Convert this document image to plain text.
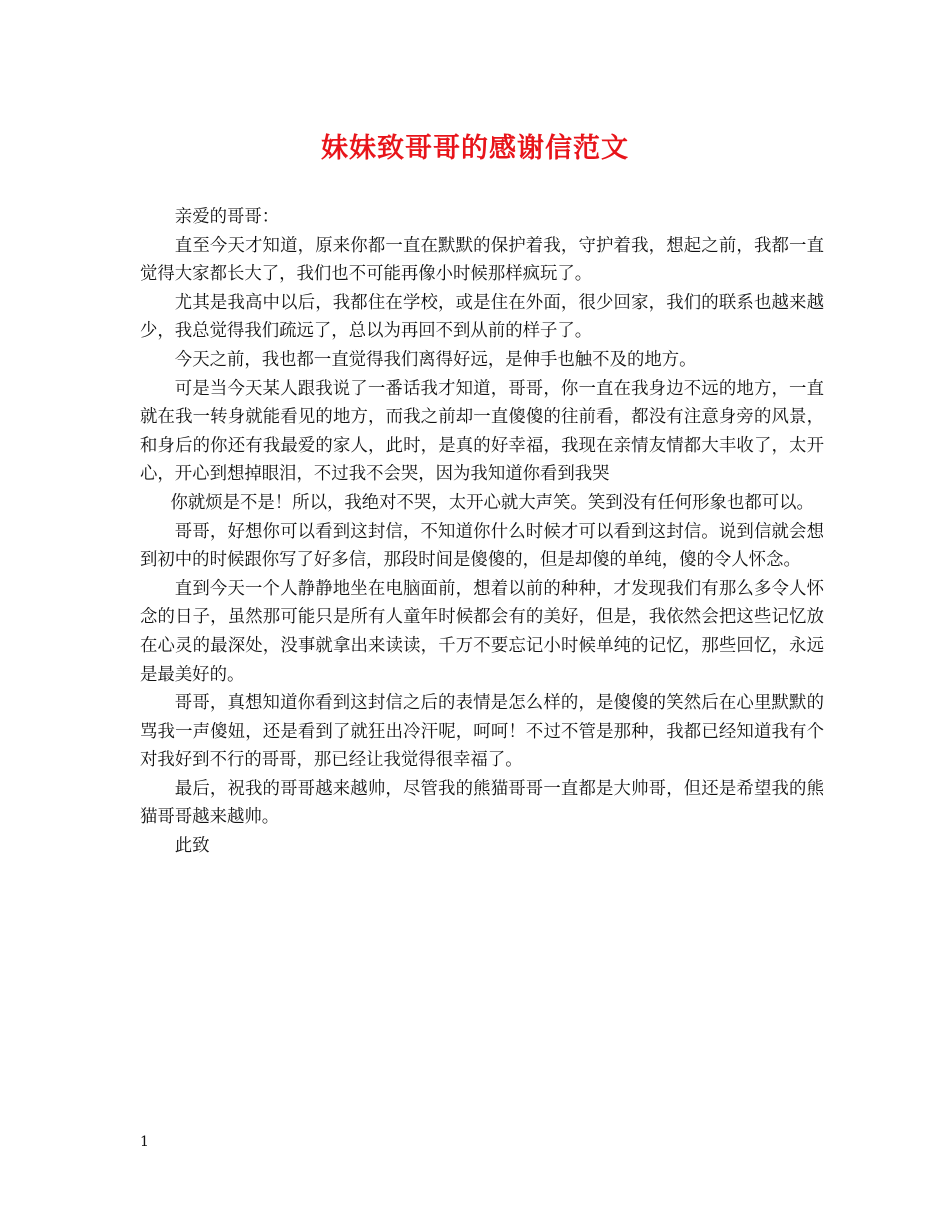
妹妹致哥哥的感谢信范文

亲爱的哥哥：

直至今天才知道，原来你都一直在默默的保护着我，守护着我，想起之前，我都一直觉得大家都长大了，我们也不可能再像小时候那样疯玩了。

尤其是我高中以后，我都住在学校，或是住在外面，很少回家，我们的联系也越来越少，我总觉得我们疏远了，总以为再回不到从前的样子了。

今天之前，我也都一直觉得我们离得好远，是伸手也触不及的地方。

可是当今天某人跟我说了一番话我才知道，哥哥，你一直在我身边不远的地方，一直就在我一转身就能看见的地方，而我之前却一直傻傻的往前看，都没有注意身旁的风景，和身后的你还有我最爱的家人，此时，是真的好幸福，我现在亲情友情都大丰收了，太开心，开心到想掉眼泪，不过我不会哭，因为我知道你看到我哭

你就烦是不是！所以，我绝对不哭，太开心就大声笑。笑到没有任何形象也都可以。

哥哥，好想你可以看到这封信，不知道你什么时候才可以看到这封信。说到信就会想到初中的时候跟你写了好多信，那段时间是傻傻的，但是却傻的单纯，傻的令人怀念。

直到今天一个人静静地坐在电脑面前，想着以前的种种，才发现我们有那么多令人怀念的日子，虽然那可能只是所有人童年时候都会有的美好，但是，我依然会把这些记忆放在心灵的最深处，没事就拿出来读读，千万不要忘记小时候单纯的记忆，那些回忆，永远是最美好的。

哥哥，真想知道你看到这封信之后的表情是怎么样的，是傻傻的笑然后在心里默默的骂我一声傻妞，还是看到了就狂出冷汗呢，呵呵！不过不管是那种，我都已经知道我有个对我好到不行的哥哥，那已经让我觉得很幸福了。

最后，祝我的哥哥越来越帅，尽管我的熊猫哥哥一直都是大帅哥，但还是希望我的熊猫哥哥越来越帅。

此致

1
